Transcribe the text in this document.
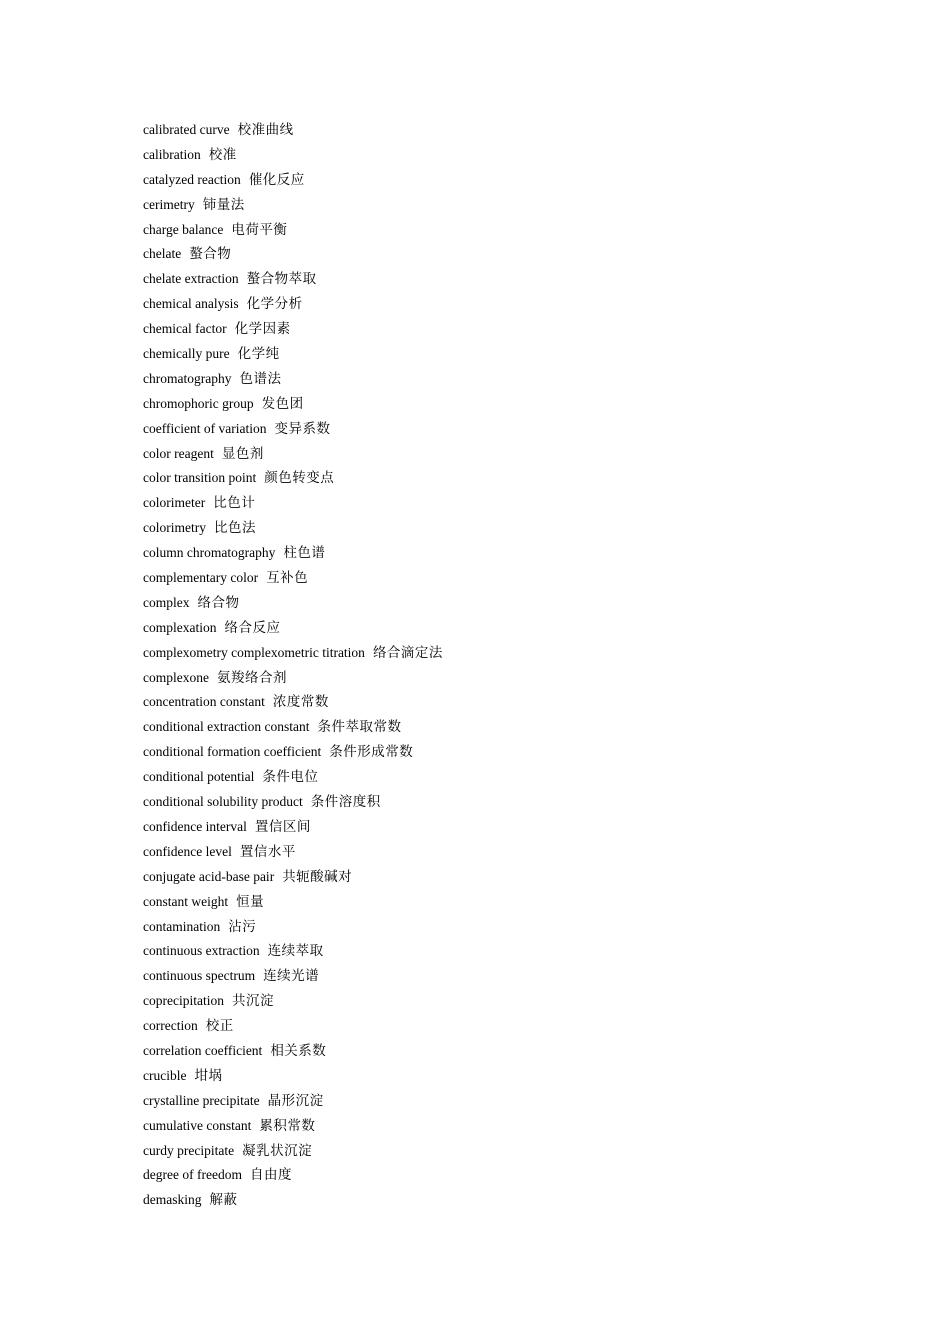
calibrated curve 校准曲线
calibration 校准
catalyzed reaction 催化反应
cerimetry 铈量法
charge balance 电荷平衡
chelate 螯合物
chelate extraction 螯合物萃取
chemical analysis 化学分析
chemical factor 化学因素
chemically pure 化学纯
chromatography 色谱法
chromophoric group 发色团
coefficient of variation 变异系数
color reagent 显色剂
color transition point 颜色转变点
colorimeter 比色计
colorimetry 比色法
column chromatography 柱色谱
complementary color 互补色
complex 络合物
complexation 络合反应
complexometry complexometric titration 络合滴定法
complexone 氨羧络合剂
concentration constant 浓度常数
conditional extraction constant 条件萃取常数
conditional formation coefficient 条件形成常数
conditional potential 条件电位
conditional solubility product 条件溶度积
confidence interval 置信区间
confidence level 置信水平
conjugate acid-base pair 共轭酸碱对
constant weight 恒量
contamination 沾污
continuous extraction 连续萃取
continuous spectrum 连续光谱
coprecipitation 共沉淀
correction 校正
correlation coefficient 相关系数
crucible 坩埚
crystalline precipitate 晶形沉淀
cumulative constant 累积常数
curdy precipitate 凝乳状沉淀
degree of freedom 自由度
demasking 解蔽
